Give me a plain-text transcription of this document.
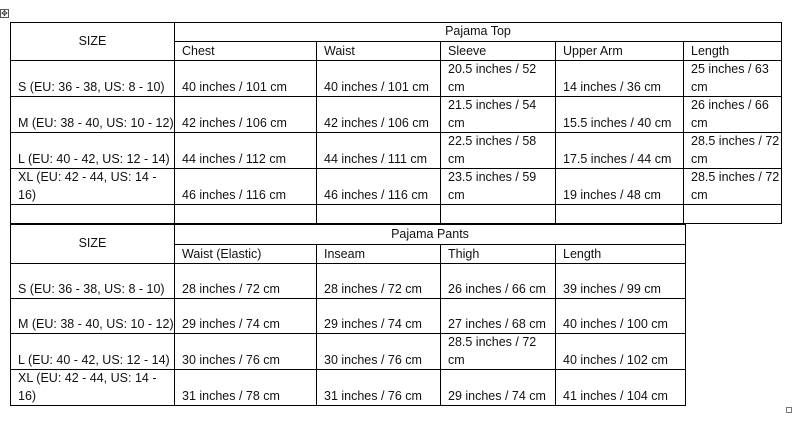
✥
SIZE	Pajama Top				
	Chest	Waist	Sleeve	Upper Arm	Length
S (EU: 36 - 38, US: 8 - 10)	40 inches / 101 cm	40 inches / 101 cm	20.5 inches / 52 cm	14 inches / 36 cm	25 inches / 63 cm
M (EU: 38 - 40, US: 10 - 12)	42 inches / 106 cm	42 inches / 106 cm	21.5 inches / 54 cm	15.5 inches / 40 cm	26 inches / 66 cm
L (EU: 40 - 42, US: 12 - 14)	44 inches / 112 cm	44 inches / 111 cm	22.5 inches / 58 cm	17.5 inches / 44 cm	28.5 inches / 72 cm
XL (EU: 42 - 44, US: 14 - 16)	46 inches / 116 cm	46 inches / 116 cm	23.5 inches / 59 cm	19 inches / 48 cm	28.5 inches / 72 cm

SIZE	Pajama Pants			
	Waist (Elastic)	Inseam	Thigh	Length
S (EU: 36 - 38, US: 8 - 10)	28 inches / 72 cm	28 inches / 72 cm	26 inches / 66 cm	39 inches / 99 cm
M (EU: 38 - 40, US: 10 - 12)	29 inches / 74 cm	29 inches / 74 cm	27 inches / 68 cm	40 inches / 100 cm
L (EU: 40 - 42, US: 12 - 14)	30 inches / 76 cm	30 inches / 76 cm	28.5 inches / 72 cm	40 inches / 102 cm
XL (EU: 42 - 44, US: 14 - 16)	31 inches / 78 cm	31 inches / 76 cm	29 inches / 74 cm	41 inches / 104 cm
